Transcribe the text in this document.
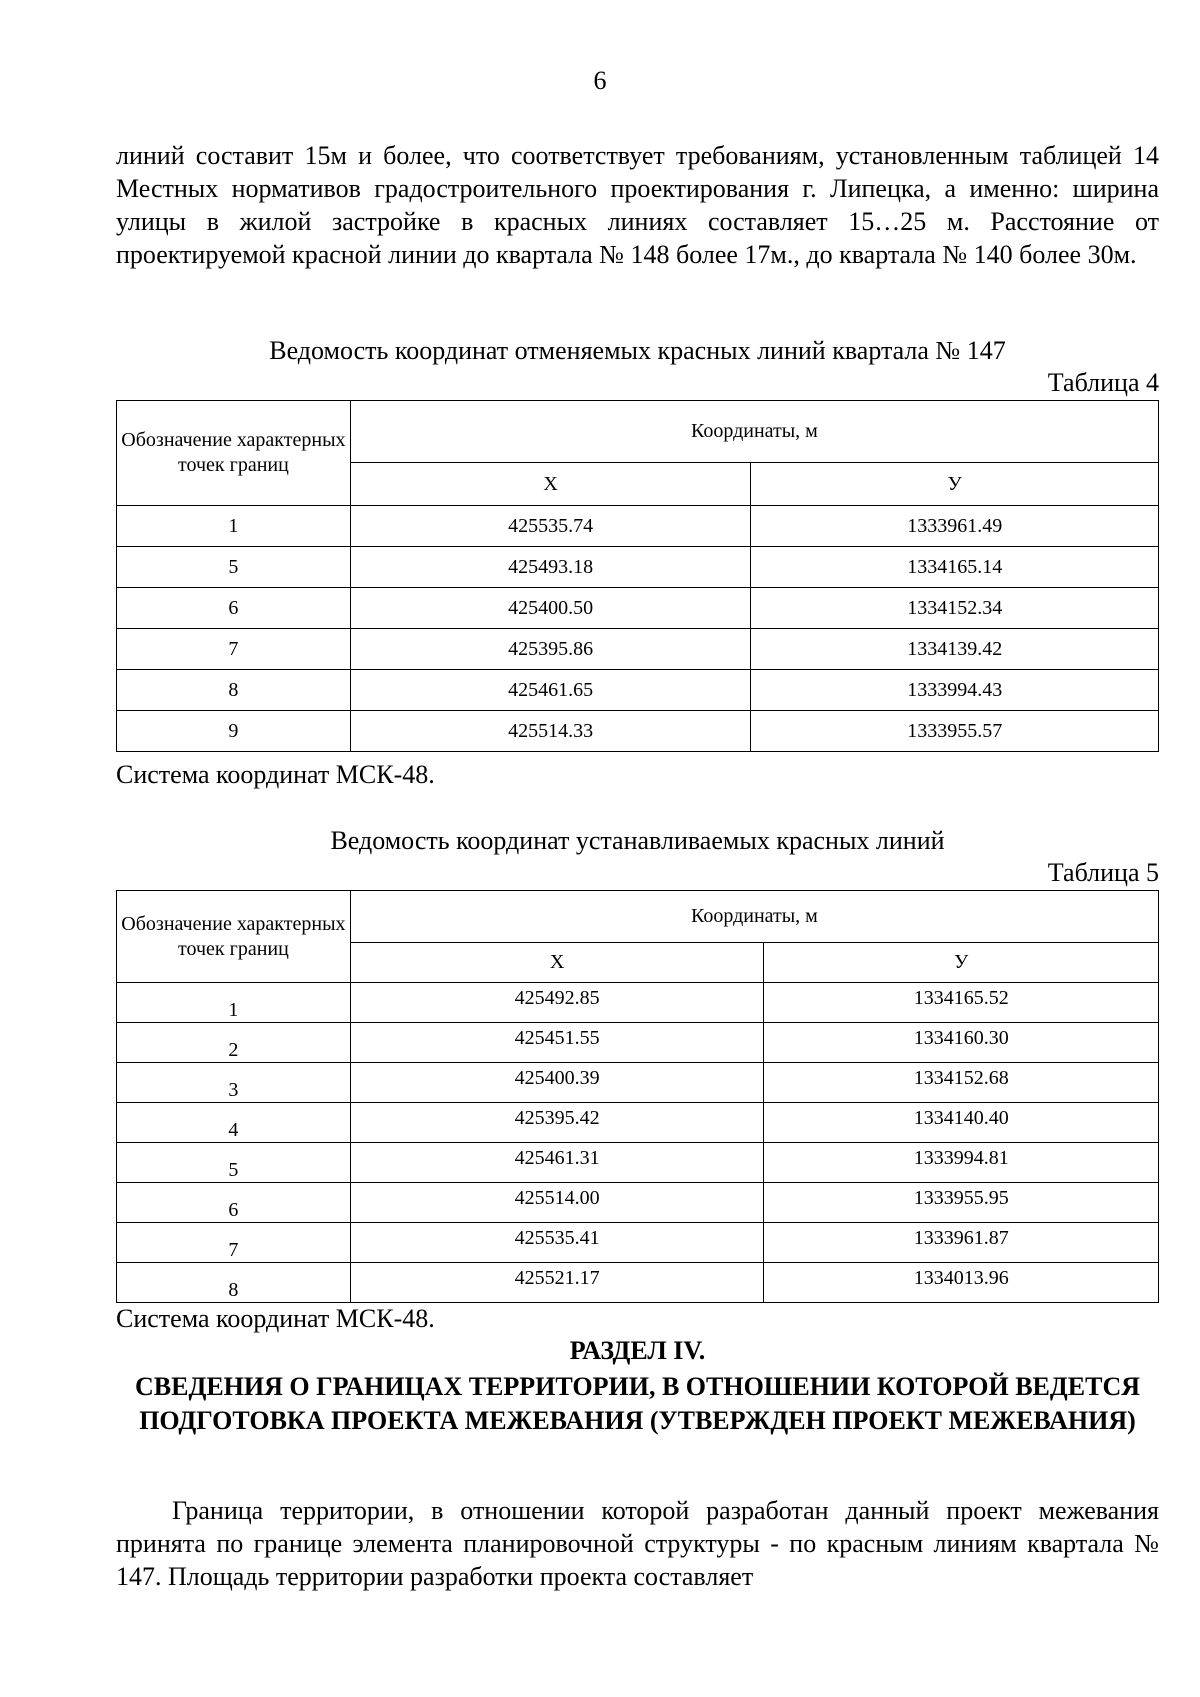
6

линий составит 15м и более, что соответствует требованиям, установленным таблицей 14 Местных нормативов градостроительного проектирования г. Липецка, а именно: ширина улицы в жилой застройке в красных линиях составляет 15…25 м. Расстояние от проектируемой красной линии до квартала № 148 более 17м., до квартала № 140 более 30м.

Ведомость координат отменяемых красных линий квартала № 147
Таблица 4
Обозначение характерных точек границ	Координаты, м	
	Х	У
1	425535.74	1333961.49
5	425493.18	1334165.14
6	425400.50	1334152.34
7	425395.86	1334139.42
8	425461.65	1333994.43
9	425514.33	1333955.57
Система координат МСК-48.
Ведомость координат устанавливаемых красных линий
Таблица 5
Обозначение характерных точек границ	Координаты, м	
	Х	У
1	425492.85	1334165.52
2	425451.55	1334160.30
3	425400.39	1334152.68
4	425395.42	1334140.40
5	425461.31	1333994.81
6	425514.00	1333955.95
7	425535.41	1333961.87
8	425521.17	1334013.96
Система координат МСК-48.
РАЗДЕЛ IV.
СВЕДЕНИЯ О ГРАНИЦАХ ТЕРРИТОРИИ, В ОТНОШЕНИИ КОТОРОЙ ВЕДЕТСЯ ПОДГОТОВКА ПРОЕКТА МЕЖЕВАНИЯ (УТВЕРЖДЕН ПРОЕКТ МЕЖЕВАНИЯ)

Граница территории, в отношении которой разработан данный проект межевания принята по границе элемента планировочной структуры - по красным линиям квартала № 147. Площадь территории разработки проекта составляет
